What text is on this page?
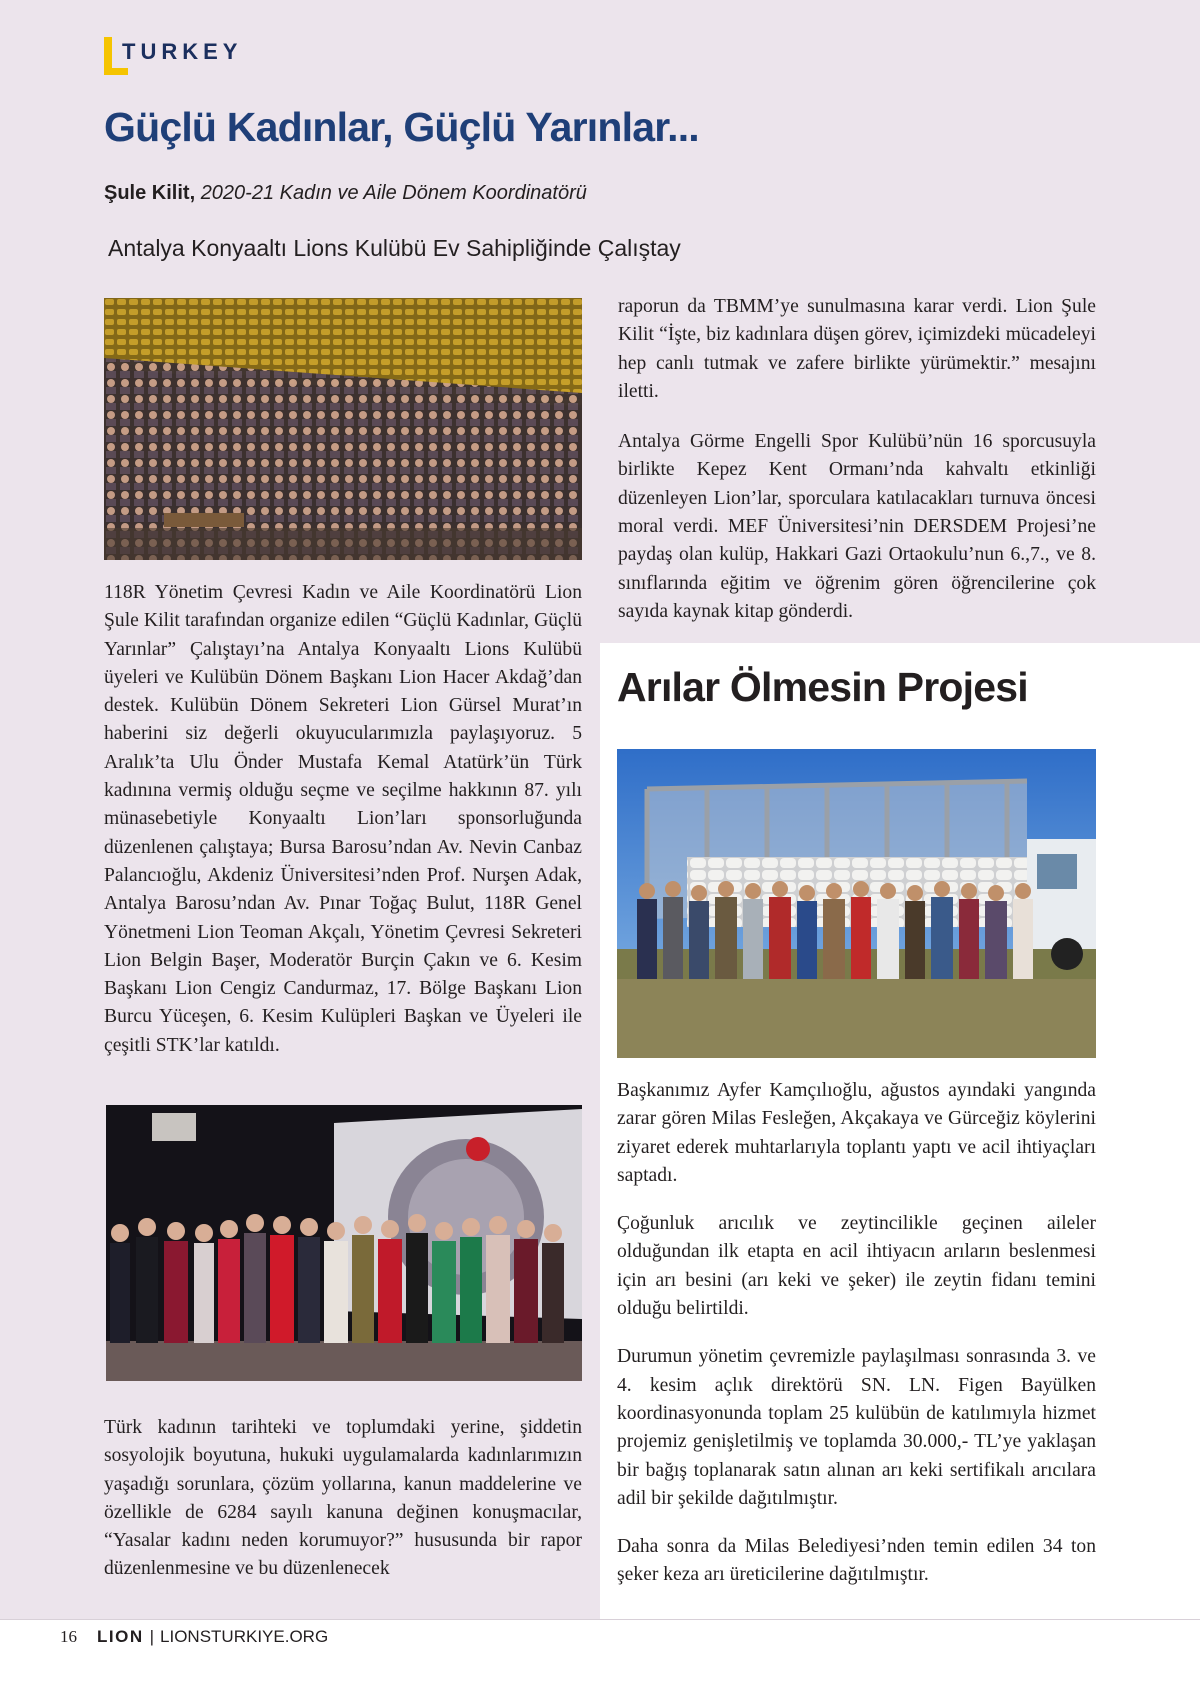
TURKEY
Güçlü Kadınlar, Güçlü Yarınlar...
Şule Kilit, 2020-21 Kadın ve Aile Dönem Koordinatörü
Antalya Konyaaltı Lions Kulübü Ev Sahipliğinde Çalıştay
118R Yönetim Çevresi Kadın ve Aile Koordinatörü Lion Şule Kilit tarafından organize edilen “Güçlü Kadınlar, Güçlü Yarınlar” Çalıştayı’na Antalya Konyaaltı Lions Kulübü üyeleri ve Kulübün Dönem Başkanı Lion Hacer Akdağ’dan destek. Kulübün Dönem Sekreteri Lion Gürsel Murat’ın haberini siz değerli okuyucularımızla paylaşıyoruz. 5 Aralık’ta Ulu Önder Mustafa Kemal Atatürk’ün Türk kadınına vermiş olduğu seçme ve seçilme hakkının 87. yılı münasebetiyle Konyaaltı Lion’ları sponsorluğunda düzenlenen çalıştaya; Bursa Barosu’ndan Av. Nevin Canbaz Palancıoğlu, Akdeniz Üniversitesi’nden Prof. Nurşen Adak, Antalya Barosu’ndan Av. Pınar Toğaç Bulut, 118R Genel Yönetmeni Lion Teoman Akçalı, Yönetim Çevresi Sekreteri Lion Belgin Başer, Moderatör Burçin Çakın ve 6. Kesim Başkanı Lion Cengiz Candurmaz, 17. Bölge Başkanı Lion Burcu Yüceşen, 6. Kesim Kulüpleri Başkan ve Üyeleri ile çeşitli STK’lar katıldı.
Türk kadının tarihteki ve toplumdaki yerine, şiddetin sosyolojik boyutuna, hukuki uygulamalarda kadınlarımızın yaşadığı sorunlara, çözüm yollarına, kanun maddelerine ve özellikle de 6284 sayılı kanuna değinen konuşmacılar, “Yasalar kadını neden korumuyor?” hususunda bir rapor düzenlenmesine ve bu düzenlenecek

raporun da TBMM’ye sunulmasına karar verdi. Lion Şule Kilit “İşte, biz kadınlara düşen görev, içimizdeki mücadeleyi hep canlı tutmak ve zafere birlikte yürümektir.” mesajını iletti.

Antalya Görme Engelli Spor Kulübü’nün 16 sporcusuyla birlikte Kepez Kent Ormanı’nda kahvaltı etkinliği düzenleyen Lion’lar, sporculara katılacakları turnuva öncesi moral verdi. MEF Üniversitesi’nin DERSDEM Projesi’ne paydaş olan kulüp, Hakkari Gazi Ortaokulu’nun 6.,7., ve 8. sınıflarında eğitim ve öğrenim gören öğrencilerine çok sayıda kaynak kitap gönderdi.

Arılar Ölmesin Projesi

Başkanımız Ayfer Kamçılıoğlu, ağustos ayındaki yangında zarar gören Milas Fesleğen, Akçakaya ve Gürceğiz köylerini ziyaret ederek muhtarlarıyla toplantı yaptı ve acil ihtiyaçları saptadı.

Çoğunluk arıcılık ve zeytincilikle geçinen aileler olduğundan ilk etapta en acil ihtiyacın arıların beslenmesi için arı besini (arı keki ve şeker) ile zeytin fidanı temini olduğu belirtildi.

Durumun yönetim çevremizle paylaşılması sonrasında 3. ve 4. kesim açlık direktörü SN. LN. Figen Bayülken koordinasyonunda toplam 25 kulübün de katılımıyla hizmet projemiz genişletilmiş ve toplamda 30.000,- TL’ye yaklaşan bir bağış toplanarak satın alınan arı keki sertifikalı arıcılara adil bir şekilde dağıtılmıştır.

Daha sonra da Milas Belediyesi’nden temin edilen 34 ton şeker keza arı üreticilerine dağıtılmıştır.

16 LION | LIONSTURKIYE.ORG
